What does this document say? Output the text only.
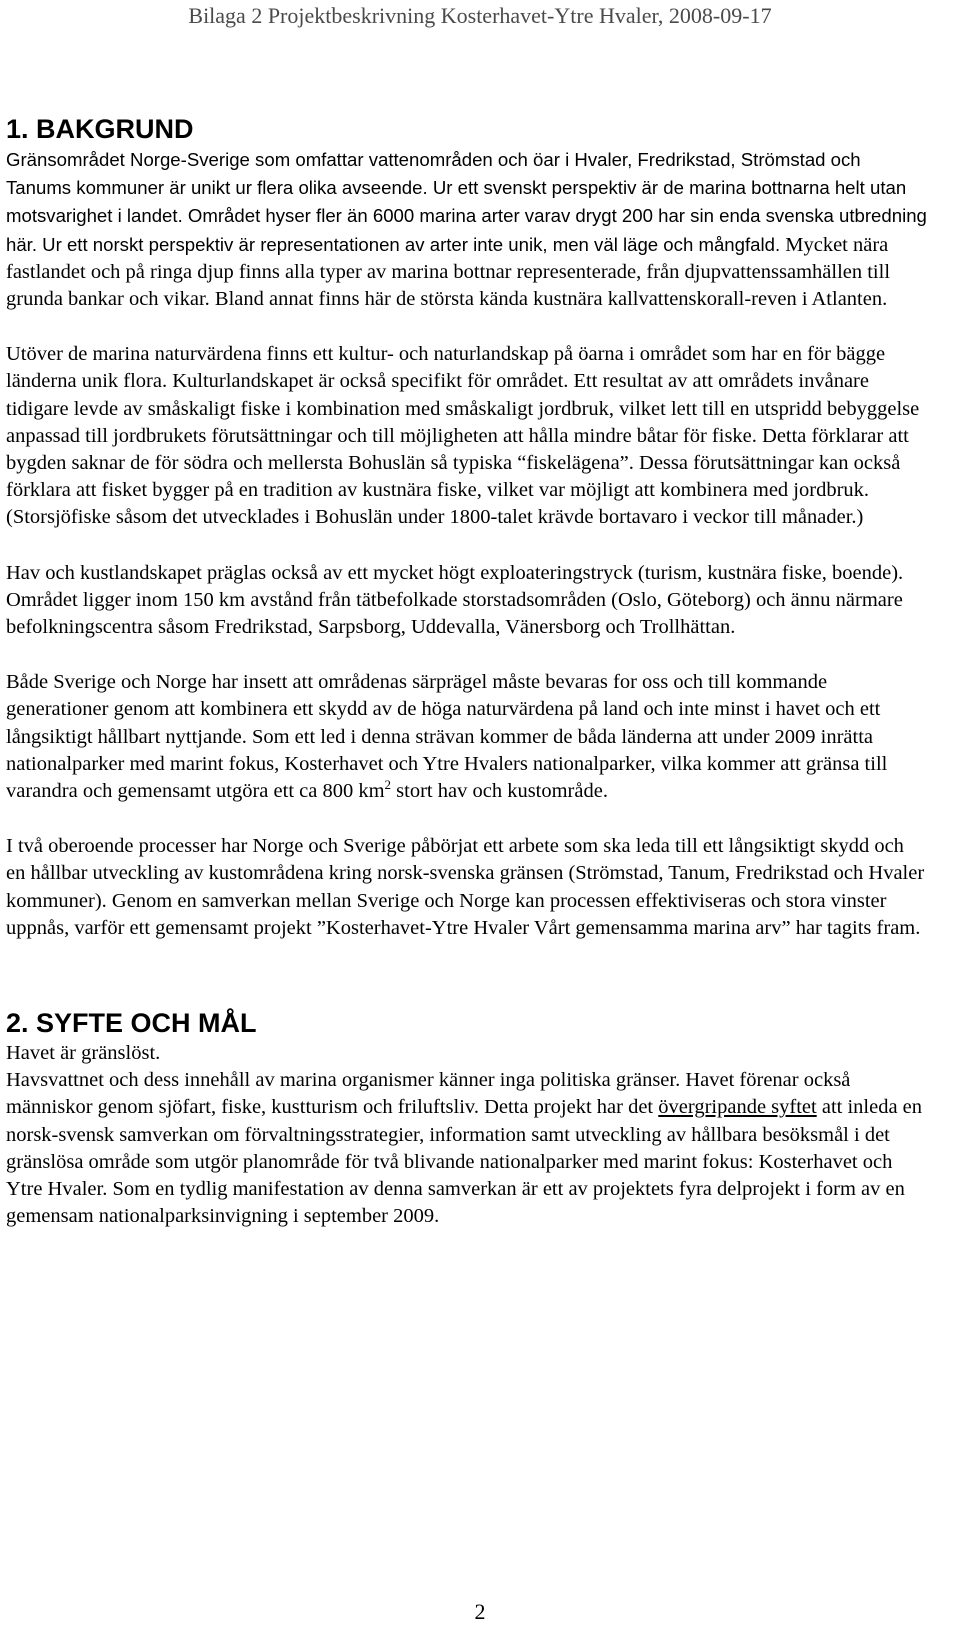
Bilaga 2 Projektbeskrivning Kosterhavet-Ytre Hvaler, 2008-09-17
1. BAKGRUND

Gränsområdet Norge-Sverige som omfattar vattenområden och öar i Hvaler, Fredrikstad, Strömstad och Tanums kommuner är unikt ur flera olika avseende. Ur ett svenskt perspektiv är de marina bottnarna helt utan motsvarighet i landet. Området hyser fler än 6000 marina arter varav drygt 200 har sin enda svenska utbredning här. Ur ett norskt perspektiv är representationen av arter inte unik, men väl läge och mångfald. Mycket nära fastlandet och på ringa djup finns alla typer av marina bottnar representerade, från djupvattenssamhällen till grunda bankar och vikar. Bland annat finns här de största kända kustnära kallvattenskorall-reven i Atlanten.

Utöver de marina naturvärdena finns ett kultur- och naturlandskap på öarna i området som har en för bägge länderna unik flora. Kulturlandskapet är också specifikt för området. Ett resultat av att områdets invånare tidigare levde av småskaligt fiske i kombination med småskaligt jordbruk, vilket lett till en utspridd bebyggelse anpassad till jordbrukets förutsättningar och till möjligheten att hålla mindre båtar för fiske. Detta förklarar att bygden saknar de för södra och mellersta Bohuslän så typiska “fiskelägena”. Dessa förutsättningar kan också förklara att fisket bygger på en tradition av kustnära fiske, vilket var möjligt att kombinera med jordbruk. (Storsjöfiske såsom det utvecklades i Bohuslän under 1800-talet krävde bortavaro i veckor till månader.)

Hav och kustlandskapet präglas också av ett mycket högt exploateringstryck (turism, kustnära fiske, boende). Området ligger inom 150 km avstånd från tätbefolkade storstadsområden (Oslo, Göteborg) och ännu närmare befolkningscentra såsom Fredrikstad, Sarpsborg, Uddevalla, Vänersborg och Trollhättan.

Både Sverige och Norge har insett att områdenas särprägel måste bevaras for oss och till kommande generationer genom att kombinera ett skydd av de höga naturvärdena på land och inte minst i havet och ett långsiktigt hållbart nyttjande. Som ett led i denna strävan kommer de båda länderna att under 2009 inrätta nationalparker med marint fokus, Kosterhavet och Ytre Hvalers nationalparker, vilka kommer att gränsa till varandra och gemensamt utgöra ett ca 800 $km^2$ stort hav och kustområde.

I två oberoende processer har Norge och Sverige påbörjat ett arbete som ska leda till ett långsiktigt skydd och en hållbar utveckling av kustområdena kring norsk-svenska gränsen (Strömstad, Tanum, Fredrikstad och Hvaler kommuner). Genom en samverkan mellan Sverige och Norge kan processen effektiviseras och stora vinster uppnås, varför ett gemensamt projekt ”Kosterhavet-Ytre Hvaler Vårt gemensamma marina arv” har tagits fram.

2. SYFTE OCH MÅL

Havet är gränslöst.

Havsvattnet och dess innehåll av marina organismer känner inga politiska gränser. Havet förenar också människor genom sjöfart, fiske, kustturism och friluftsliv. Detta projekt har det övergripande syftet att inleda en norsk-svensk samverkan om förvaltningsstrategier, information samt utveckling av hållbara besöksmål i det gränslösa område som utgör planområde för två blivande nationalparker med marint fokus: Kosterhavet och Ytre Hvaler. Som en tydlig manifestation av denna samverkan är ett av projektets fyra delprojekt i form av en gemensam nationalparksinvigning i september 2009.

2
